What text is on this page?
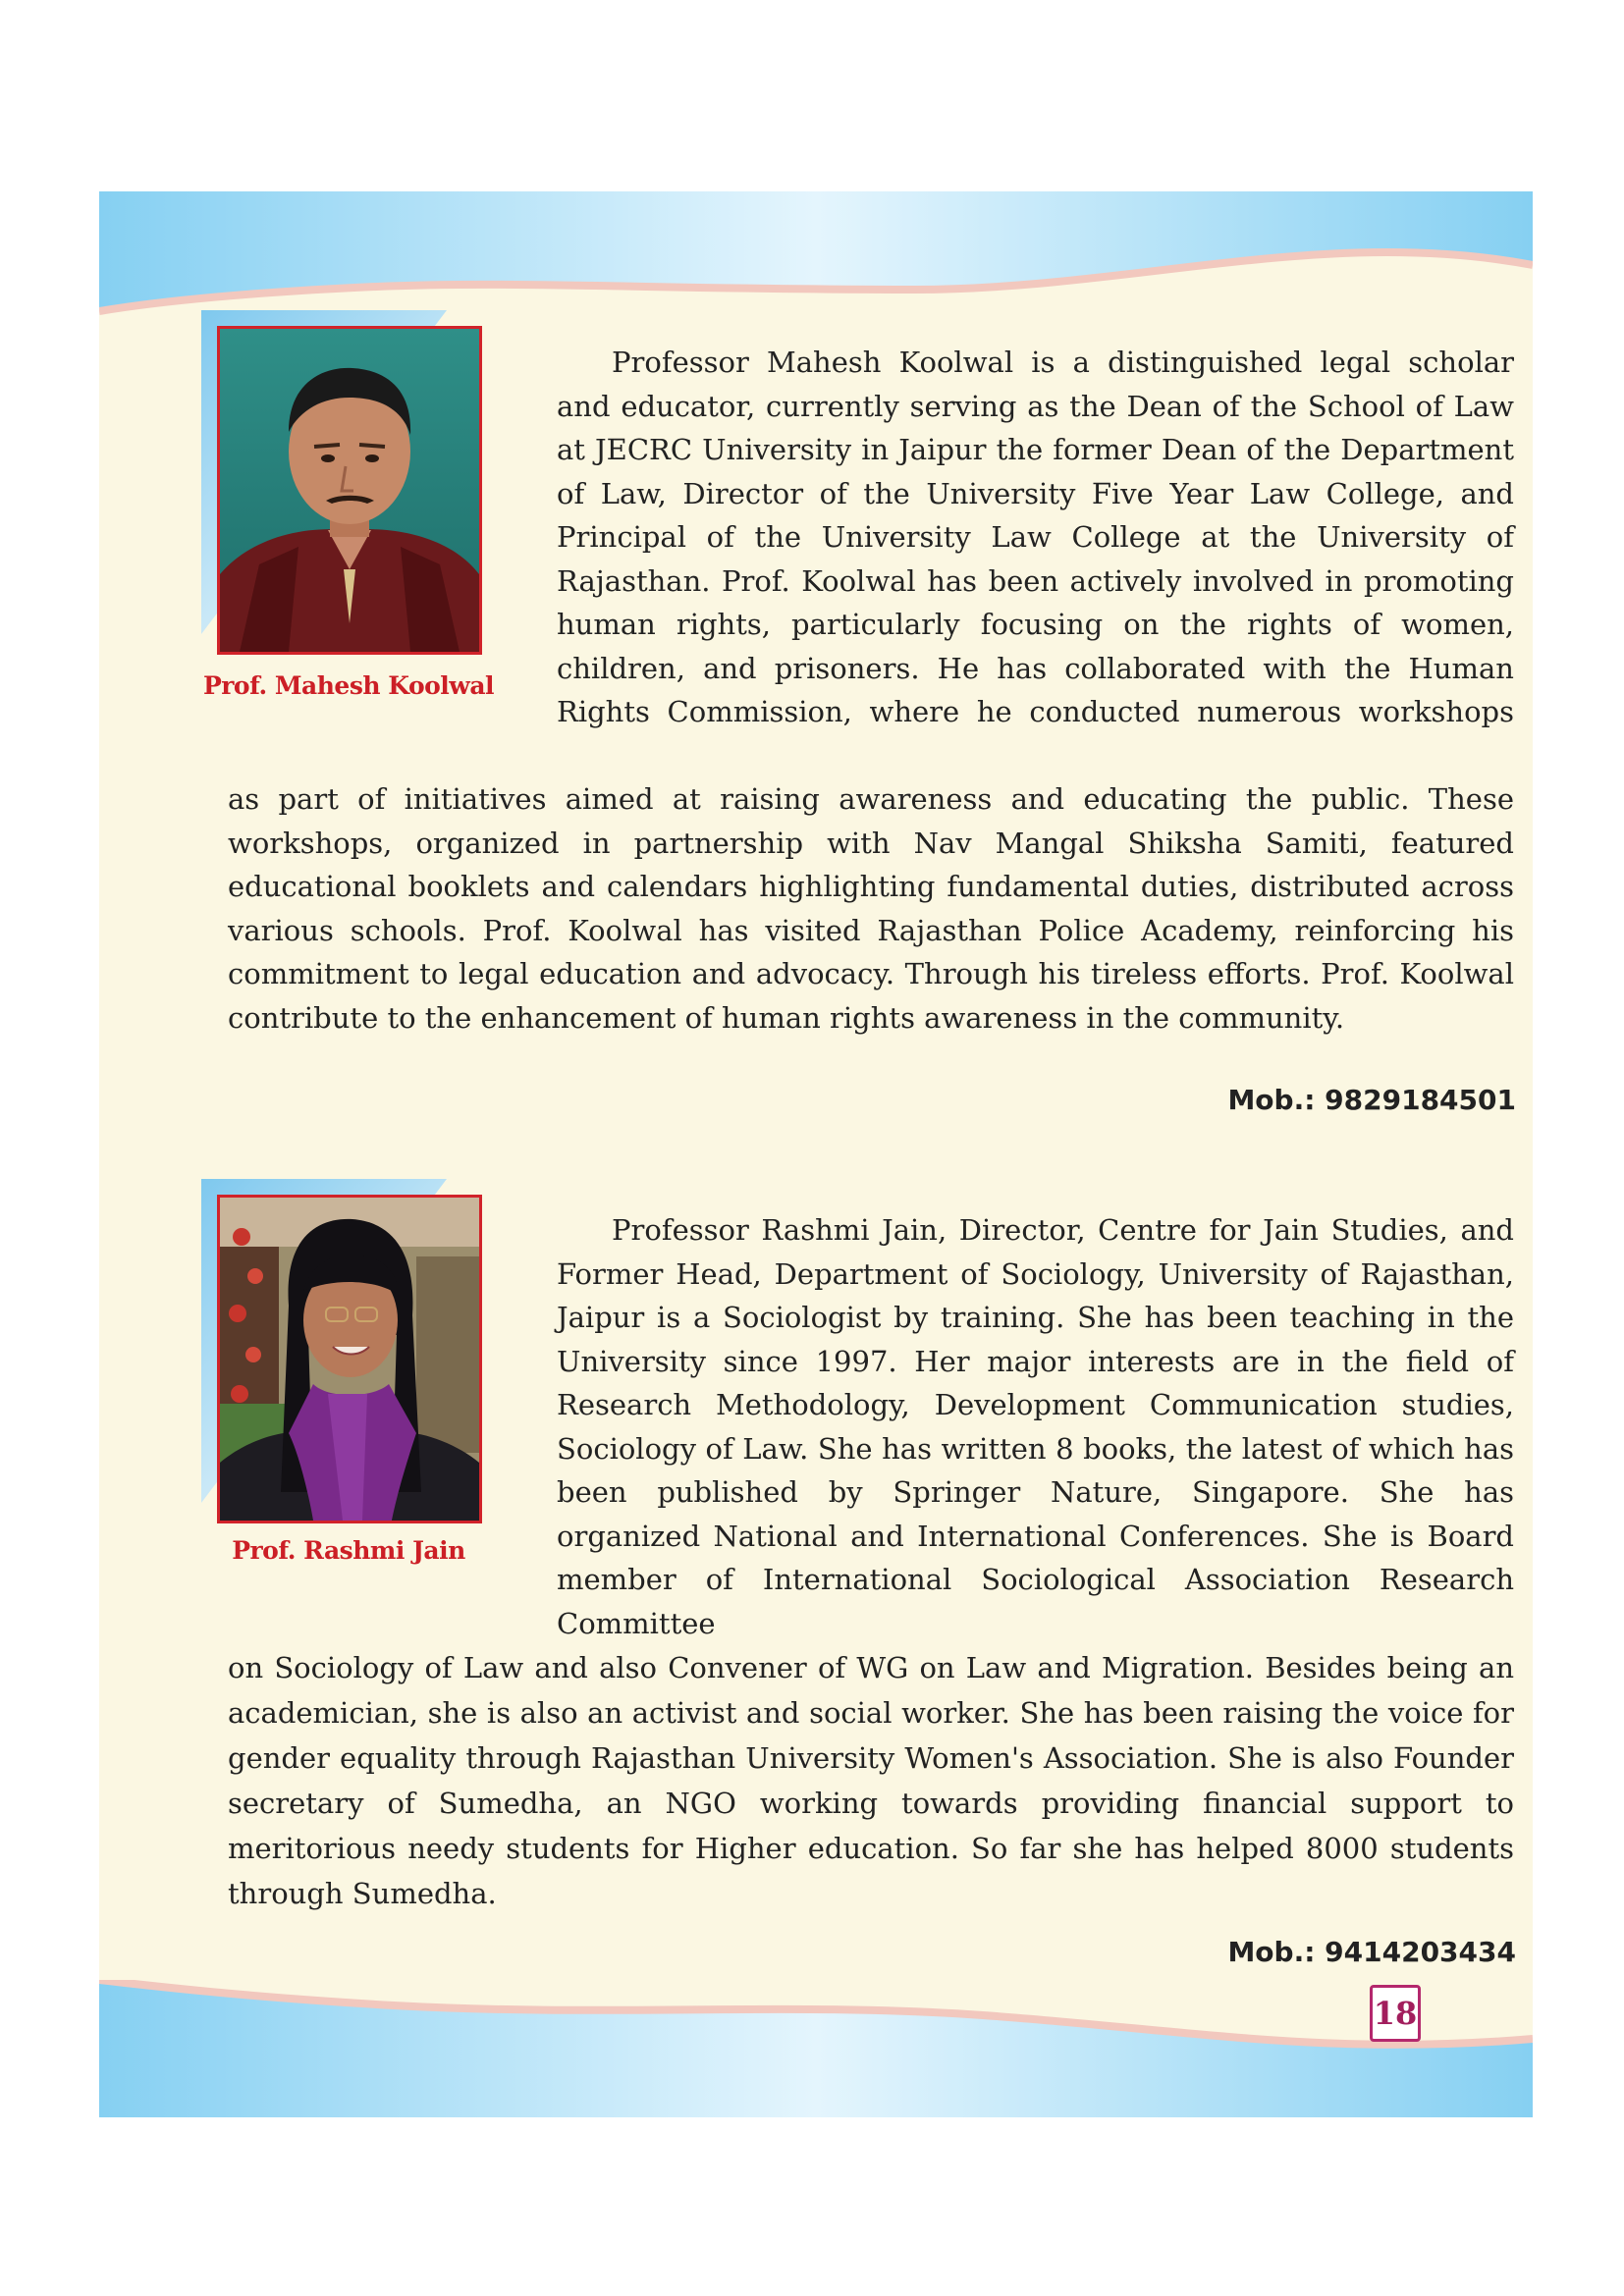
Prof. Mahesh Koolwal

Professor Mahesh Koolwal is a distinguished legal scholar and educator, currently serving as the Dean of the School of Law at JECRC University in Jaipur the former Dean of the Department of Law, Director of the University Five Year Law College, and Principal of the University Law College at the University of Rajasthan. Prof. Koolwal has been actively involved in promoting human rights, particularly focusing on the rights of women, children, and prisoners. He has collaborated with the Human Rights Commission, where he conducted numerous workshops

as part of initiatives aimed at raising awareness and educating the public. These workshops, organized in partnership with Nav Mangal Shiksha Samiti, featured educational booklets and calendars highlighting fundamental duties, distributed across various schools. Prof. Koolwal has visited Rajasthan Police Academy, reinforcing his commitment to legal education and advocacy. Through his tireless efforts. Prof. Koolwal contribute to the enhancement of human rights awareness in the community.

Mob.: 9829184501
Prof. Rashmi Jain

Professor Rashmi Jain, Director, Centre for Jain Studies, and Former Head, Department of Sociology, University of Rajasthan, Jaipur is a Sociologist by training. She has been teaching in the University since 1997. Her major interests are in the field of Research Methodology, Development Communication studies, Sociology of Law. She has written 8 books, the latest of which has been published by Springer Nature, Singapore. She has organized National and International Conferences. She is Board member of International Sociological Association Research Committee

on Sociology of Law and also Convener of WG on Law and Migration. Besides being an academician, she is also an activist and social worker. She has been raising the voice for gender equality through Rajasthan University Women's Association. She is also Founder secretary of Sumedha, an NGO working towards providing financial support to meritorious needy students for Higher education. So far she has helped 8000 students through Sumedha.

Mob.: 9414203434
18
